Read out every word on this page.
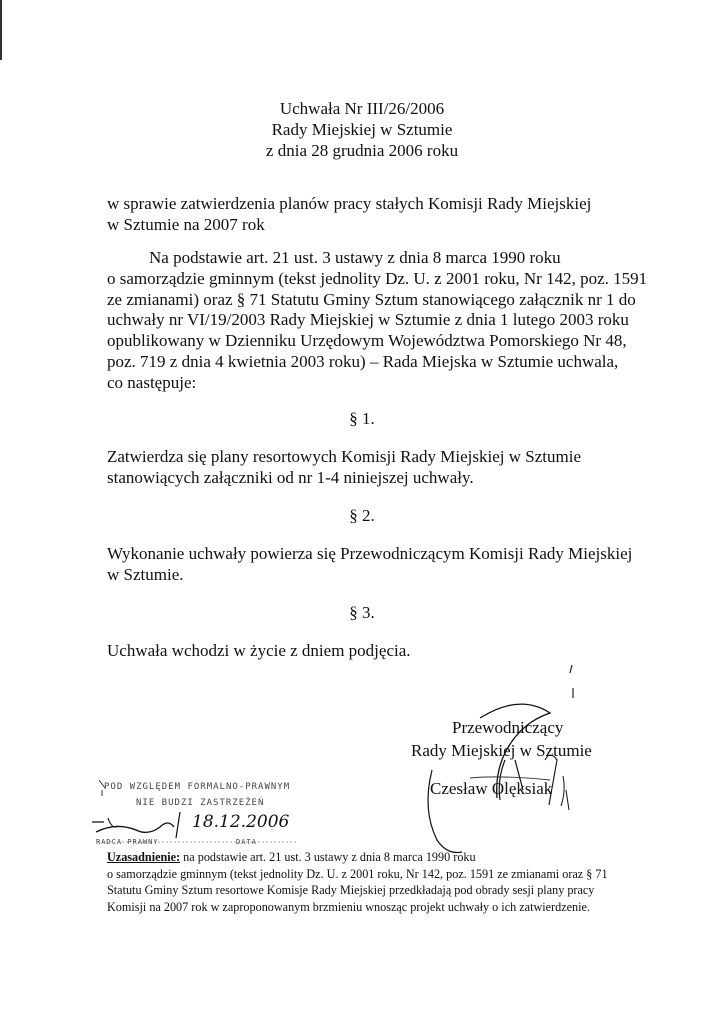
Uchwała Nr III/26/2006
Rady Miejskiej w Sztumie
z dnia 28 grudnia 2006 roku
w sprawie zatwierdzenia planów pracy stałych Komisji Rady Miejskiej
w Sztumie na 2007 rok
Na podstawie art. 21 ust. 3 ustawy z dnia 8 marca 1990 roku
o samorządzie gminnym (tekst jednolity Dz. U. z 2001 roku, Nr 142, poz. 1591
ze zmianami) oraz § 71 Statutu Gminy Sztum stanowiącego załącznik nr 1 do
uchwały nr VI/19/2003 Rady Miejskiej w Sztumie z dnia 1 lutego 2003 roku
opublikowany w Dzienniku Urzędowym Województwa Pomorskiego Nr 48,
poz. 719 z dnia 4 kwietnia 2003 roku) – Rada Miejska w Sztumie uchwala,
co następuje:
§ 1.
Zatwierdza się plany resortowych Komisji Rady Miejskiej w Sztumie
stanowiących załączniki od nr 1-4 niniejszej uchwały.
§ 2.
Wykonanie uchwały powierza się Przewodniczącym Komisji Rady Miejskiej
w Sztumie.
§ 3.
Uchwała wchodzi w życie z dniem podjęcia.
Przewodniczący
Rady Miejskiej w Sztumie
Czesław Olęksiak
POD WZGLĘDEM FORMALNO-PRAWNYM
NIE BUDZI ZASTRZEŻEŃ
18.12.2006
RADCA PRAWNY	DATA
Uzasadnienie: na podstawie art. 21 ust. 3 ustawy z dnia 8 marca 1990 roku
o samorządzie gminnym (tekst jednolity Dz. U. z 2001 roku, Nr 142, poz. 1591 ze zmianami oraz § 71
Statutu Gminy Sztum resortowe Komisje Rady Miejskiej przedkładają pod obrady sesji plany pracy
Komisji na 2007 rok w zaproponowanym brzmieniu wnosząc projekt uchwały o ich zatwierdzenie.
